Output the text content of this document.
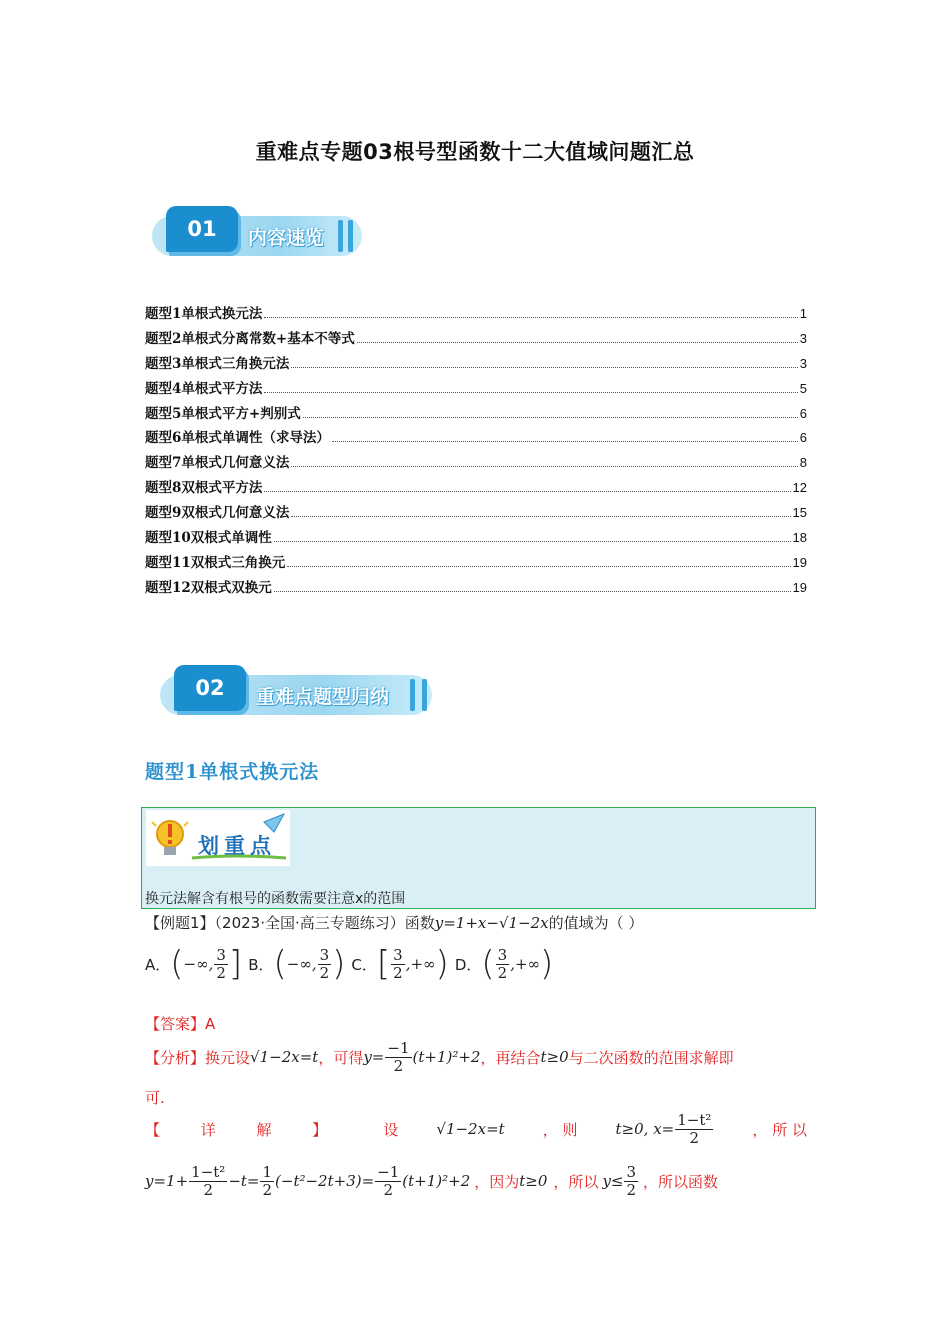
重难点专题03根号型函数十二大值域问题汇总
01	内容速览
题型1单根式换元法	1
题型2单根式分离常数+基本不等式	3
题型3单根式三角换元法	3
题型4单根式平方法	5
题型5单根式平方+判别式	6
题型6单根式单调性（求导法）	6
题型7单根式几何意义法	8
题型8双根式平方法	12
题型9双根式几何意义法	15
题型10双根式单调性	18
题型11双根式三角换元	19
题型12双根式双换元	19
02	重难点题型归纳
题型1单根式换元法
划重点
换元法解含有根号的函数需要注意x的范围
【例题1】（2023·全国·高三专题练习）函数y=1+x−√1−2x的值域为（ ）
A． ( −∞, $\frac{3}{2}$ ] B． ( −∞, $\frac{3}{2}$ ) C． [ $\frac{3}{2}$ ,+∞ ) D． ( $\frac{3}{2}$ ,+∞ )
【答案】A
【分析】 换元设 √1−2x=t ，可得 $y= \frac{-1}{2} (t+1)^2+2$ ，再结合 t≥0 与二次函数的范围求解即
可.
【 详 解 】	设	√1−2x=t	， 则	t≥0, $x= \frac{\text{1−t²}}{2}$	， 所 以
$y=1+ \frac{\text{1−t²}}{2} -t= \frac{1}{2} (-t^2-2t+3)= \frac{-1}{2} (t+1)^2+2$ ，因为 t≥0 ，所以 $y\le \frac{3}{2}$ ，所以函数
